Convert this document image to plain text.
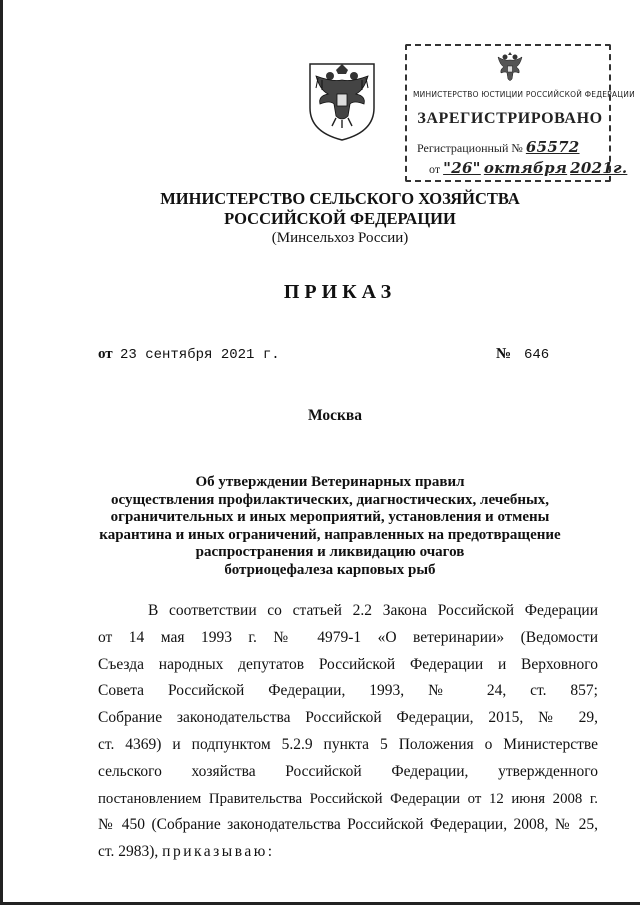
МИНИСТЕРСТВО ЮСТИЦИИ РОССИЙСКОЙ ФЕДЕРАЦИИ
ЗАРЕГИСТРИРОВАНО
Регистрационный № 65572
от "26" октября 2021г.
МИНИСТЕРСТВО СЕЛЬСКОГО ХОЗЯЙСТВА
РОССИЙСКОЙ ФЕДЕРАЦИИ
(Минсельхоз России)
ПРИКАЗ
от 23 сентября 2021 г.	№ 646
Москва
Об утверждении Ветеринарных правил
осуществления профилактических, диагностических, лечебных,
ограничительных и иных мероприятий, установления и отмены
карантина и иных ограничений, направленных на предотвращение
распространения и ликвидацию очагов
ботриоцефалеза карповых рыб
В соответствии со статьей 2.2 Закона Российской Федерации
от 14 мая 1993 г. № 4979-1 «О ветеринарии» (Ведомости
Съезда народных депутатов Российской Федерации и Верховного
Совета Российской Федерации, 1993, № 24, ст. 857;
Собрание законодательства Российской Федерации, 2015, № 29,
ст. 4369) и подпунктом 5.2.9 пункта 5 Положения о Министерстве
сельского хозяйства Российской Федерации, утвержденного
постановлением Правительства Российской Федерации от 12 июня 2008 г.
№ 450 (Собрание законодательства Российской Федерации, 2008, № 25,
ст. 2983), приказываю:
